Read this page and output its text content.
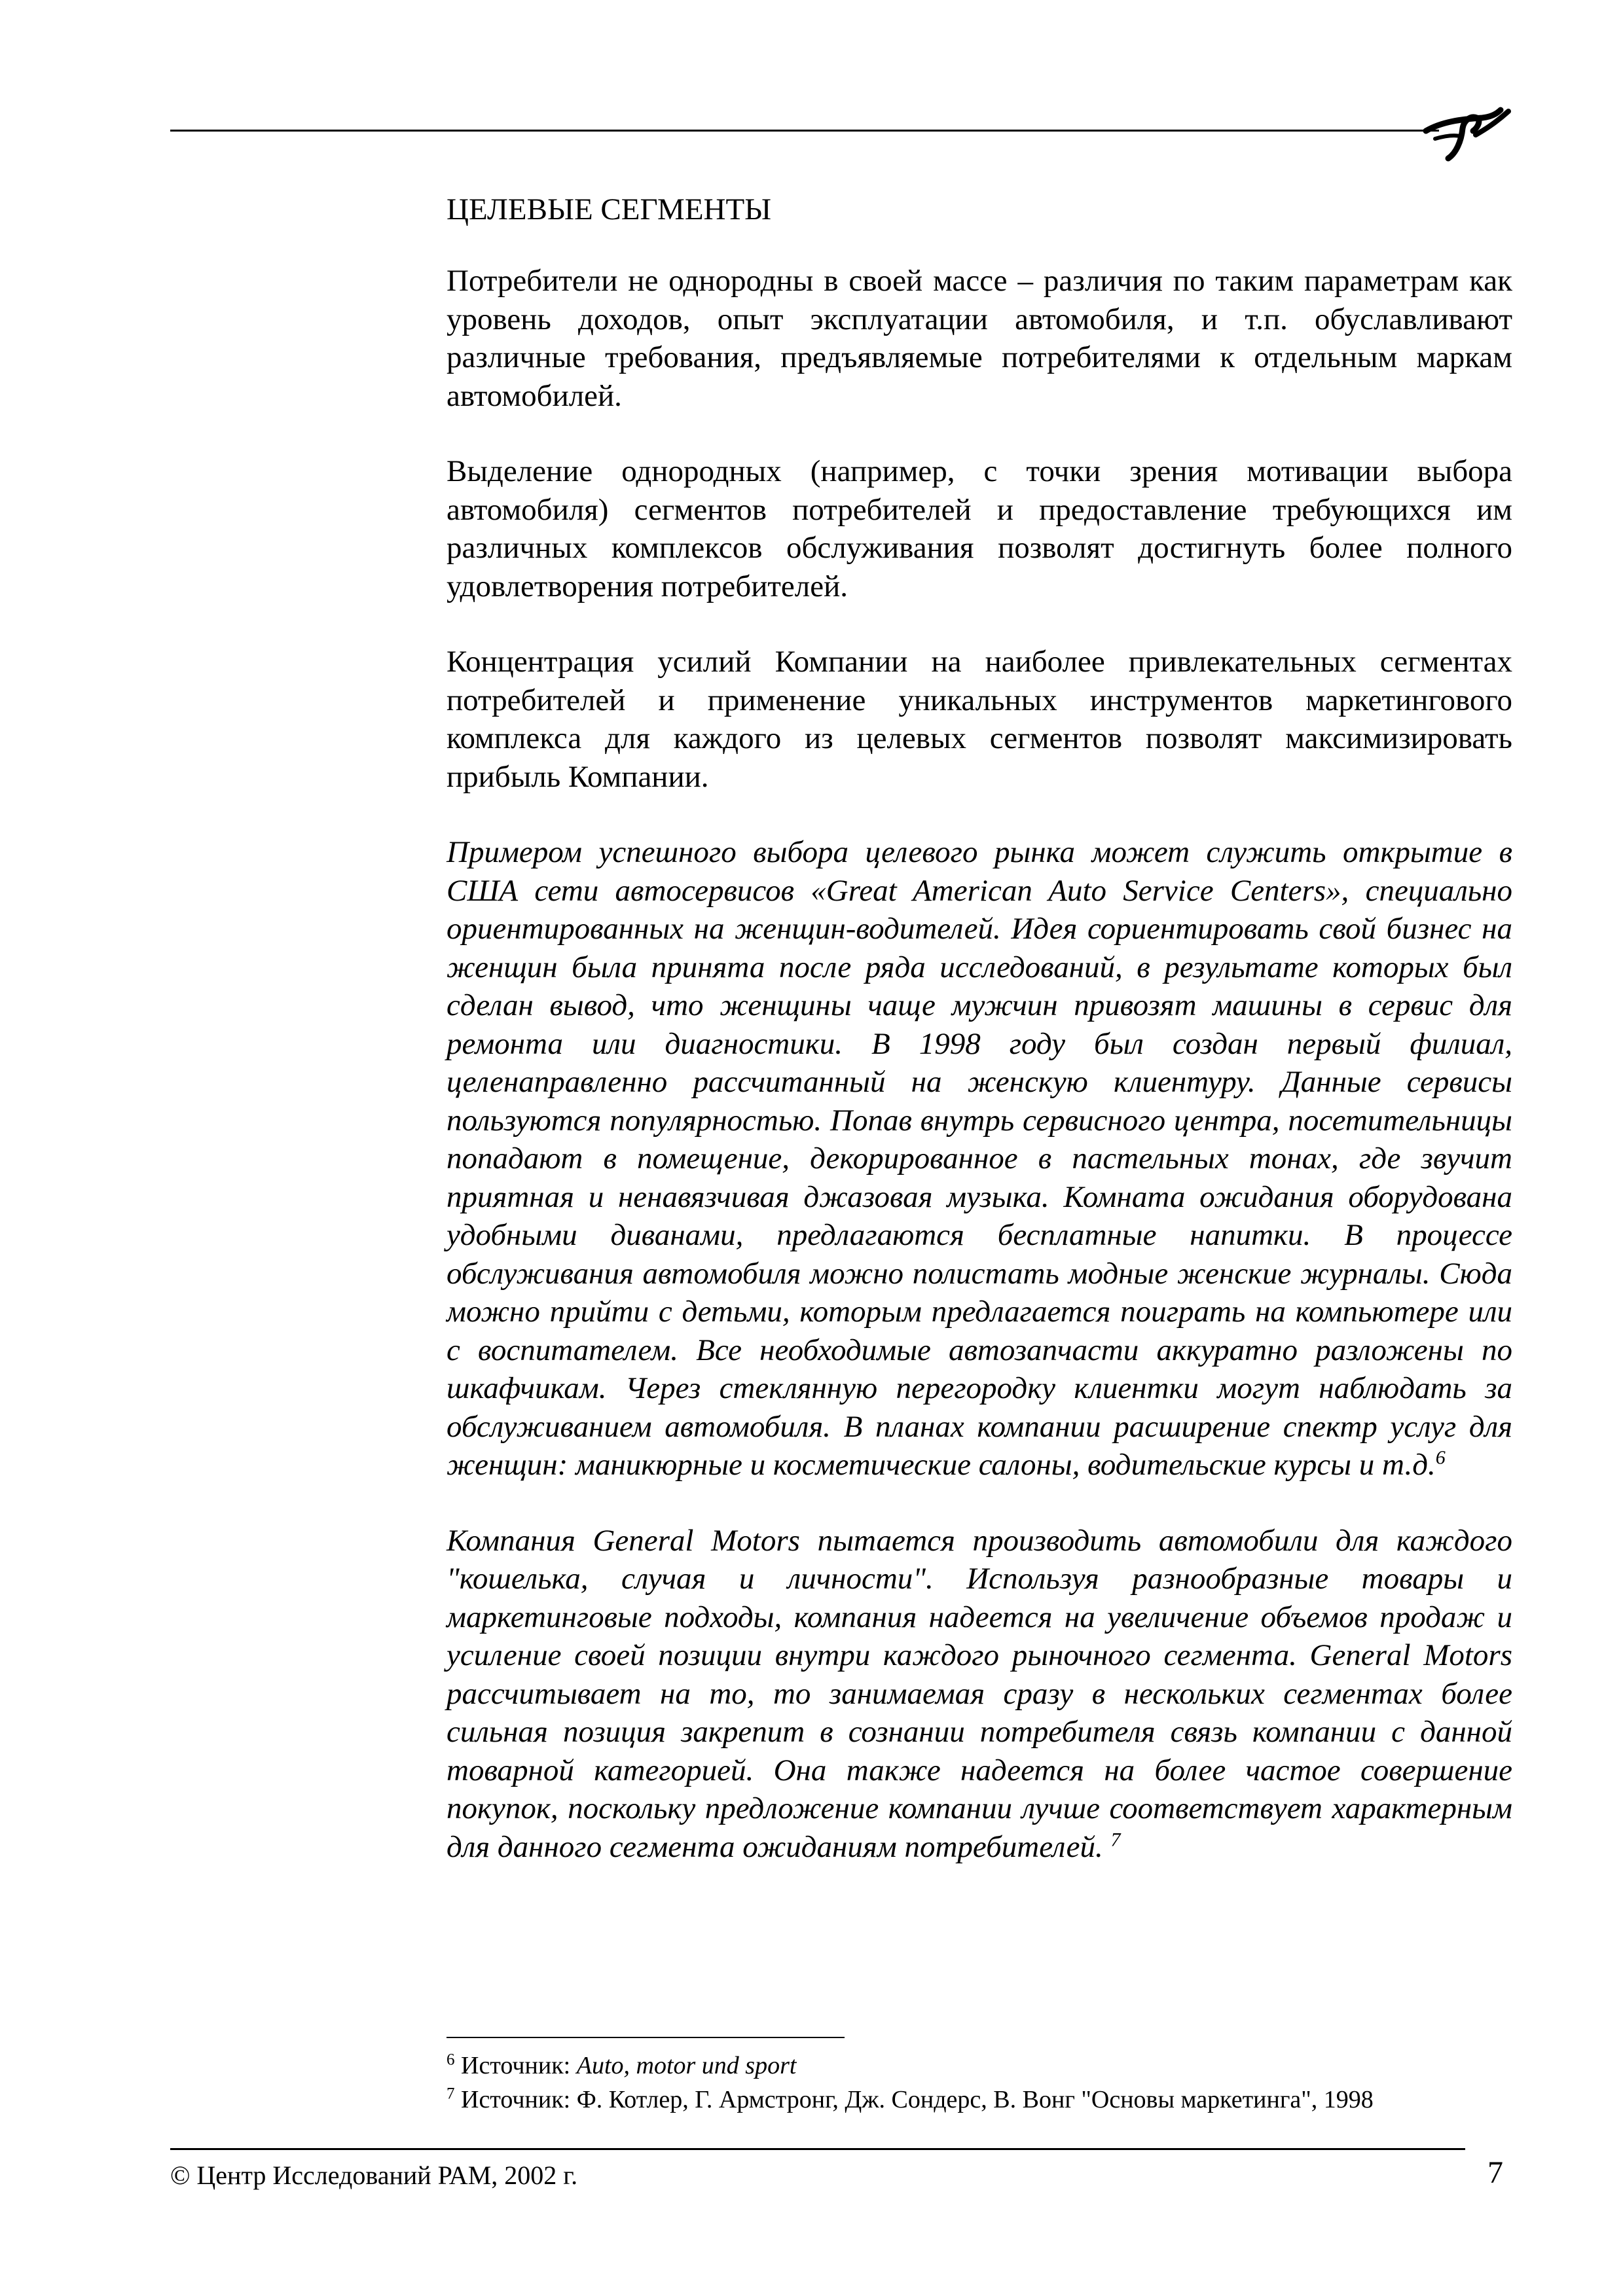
ЦЕЛЕВЫЕ СЕГМЕНТЫ

Потребители не однородны в своей массе – различия по таким параметрам как уровень доходов, опыт эксплуатации автомобиля, и т.п. обуславливают различные требования, предъявляемые потребителями к отдельным маркам автомобилей.

Выделение однородных (например, с точки зрения мотивации выбора автомобиля) сегментов потребителей и предоставление требующихся им различных комплексов обслуживания позволят достигнуть более полного удовлетворения потребителей.

Концентрация усилий Компании на наиболее привлекательных сегментах потребителей и применение уникальных инструментов маркетингового комплекса для каждого из целевых сегментов позволят максимизировать прибыль Компании.

Примером успешного выбора целевого рынка может служить открытие в США сети автосервисов «Great American Auto Service Centers», специально ориентированных на женщин-водителей. Идея сориентировать свой бизнес на женщин была принята после ряда исследований, в результате которых был сделан вывод, что женщины чаще мужчин привозят машины в сервис для ремонта или диагностики. В 1998 году был создан первый филиал, целенаправленно рассчитанный на женскую клиентуру. Данные сервисы пользуются популярностью. Попав внутрь сервисного центра, посетительницы попадают в помещение, декорированное в пастельных тонах, где звучит приятная и ненавязчивая джазовая музыка. Комната ожидания оборудована удобными диванами, предлагаются бесплатные напитки. В процессе обслуживания автомобиля можно полистать модные женские журналы. Сюда можно прийти с детьми, которым предлагается поиграть на компьютере или с воспитателем. Все необходимые автозапчасти аккуратно разложены по шкафчикам. Через стеклянную перегородку клиентки могут наблюдать за обслуживанием автомобиля. В планах компании расширение спектр услуг для женщин: маникюрные и косметические салоны, водительские курсы и т.д.$^6$

Компания General Motors пытается производить автомобили для каждого "кошелька, случая и личности". Используя разнообразные товары и маркетинговые подходы, компания надеется на увеличение объемов продаж и усиление своей позиции внутри каждого рыночного сегмента. General Motors рассчитывает на то, то занимаемая сразу в нескольких сегментах более сильная позиция закрепит в сознании потребителя связь компании с данной товарной категорией. Она также надеется на более частое совершение покупок, поскольку предложение компании лучше соответствует характерным для данного сегмента ожиданиям потребителей. $^7$

$^6$ Источник: Auto, motor und sport

$^7$ Источник: Ф. Котлер, Г. Армстронг, Дж. Сондерс, В. Вонг "Основы маркетинга", 1998

© Центр Исследований РАМ, 2002 г.	7
